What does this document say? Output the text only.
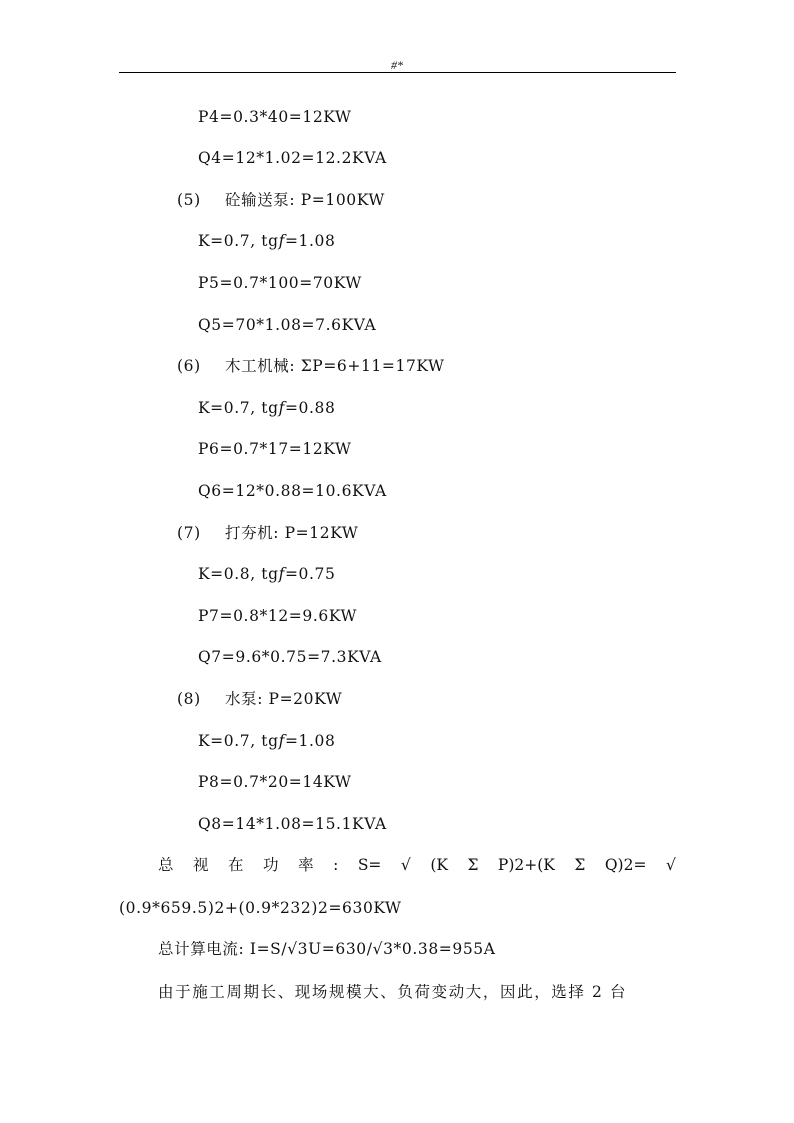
#*
P4=0.3*40=12KW
Q4=12*1.02=12.2KVA
(5) 砼输送泵: P=100KW
K=0.7, tg𝑓=1.08
P5=0.7*100=70KW
Q5=70*1.08=7.6KVA
(6) 木工机械: ΣP=6+11=17KW
K=0.7, tg𝑓=0.88
P6=0.7*17=12KW
Q6=12*0.88=10.6KVA
(7) 打夯机: P=12KW
K=0.8, tg𝑓=0.75
P7=0.8*12=9.6KW
Q7=9.6*0.75=7.3KVA
(8) 水泵: P=20KW
K=0.7, tg𝑓=1.08
P8=0.7*20=14KW
Q8=14*1.08=15.1KVA
总 视 在 功 率 : S= √ (K Σ P)2+(K Σ Q)2= √
(0.9*659.5)2+(0.9*232)2=630KW
总计算电流: I=S/√3U=630/√3*0.38=955A
由于施工周期长、现场规模大、负荷变动大，因此，选择 2 台
